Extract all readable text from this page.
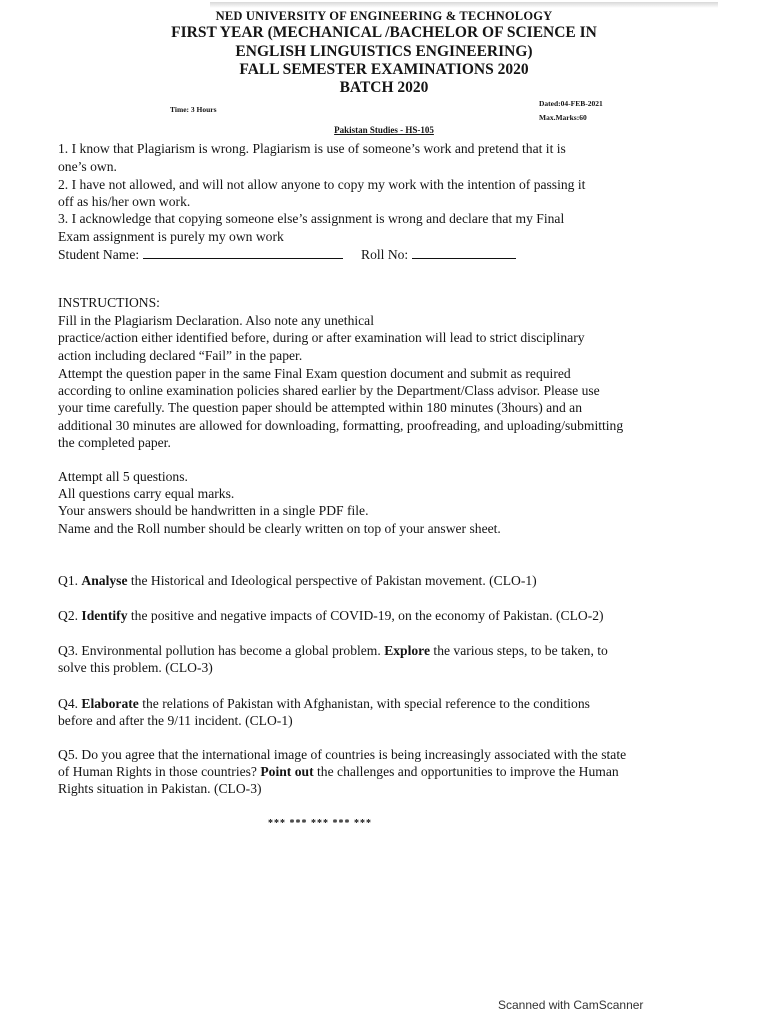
NED UNIVERSITY OF ENGINEERING & TECHNOLOGY
FIRST YEAR (MECHANICAL /BACHELOR OF SCIENCE IN
ENGLISH LINGUISTICS ENGINEERING)
FALL SEMESTER EXAMINATIONS 2020
BATCH 2020
Time: 3 Hours
Dated:04-FEB-2021
Max.Marks:60
Pakistan Studies - HS-105
1. I know that Plagiarism is wrong. Plagiarism is use of someone’s work and pretend that it is
one’s own.
2. I have not allowed, and will not allow anyone to copy my work with the intention of passing it
off as his/her own work.
3. I acknowledge that copying someone else’s assignment is wrong and declare that my Final
Exam assignment is purely my own work
Student Name:	Roll No:
INSTRUCTIONS:
Fill in the Plagiarism Declaration. Also note any unethical
practice/action either identified before, during or after examination will lead to strict disciplinary
action including declared “Fail” in the paper.
Attempt the question paper in the same Final Exam question document and submit as required
according to online examination policies shared earlier by the Department/Class advisor. Please use
your time carefully. The question paper should be attempted within 180 minutes (3hours) and an
additional 30 minutes are allowed for downloading, formatting, proofreading, and uploading/submitting
the completed paper.
Attempt all 5 questions.
All questions carry equal marks.
Your answers should be handwritten in a single PDF file.
Name and the Roll number should be clearly written on top of your answer sheet.
Q1. Analyse the Historical and Ideological perspective of Pakistan movement. (CLO-1)
Q2. Identify the positive and negative impacts of COVID-19, on the economy of Pakistan. (CLO-2)
Q3. Environmental pollution has become a global problem. Explore the various steps, to be taken, to
solve this problem. (CLO-3)
Q4. Elaborate the relations of Pakistan with Afghanistan, with special reference to the conditions
before and after the 9/11 incident. (CLO-1)
Q5. Do you agree that the international image of countries is being increasingly associated with the state
of Human Rights in those countries? Point out the challenges and opportunities to improve the Human
Rights situation in Pakistan. (CLO-3)
*** *** *** *** ***
Scanned with CamScanner
